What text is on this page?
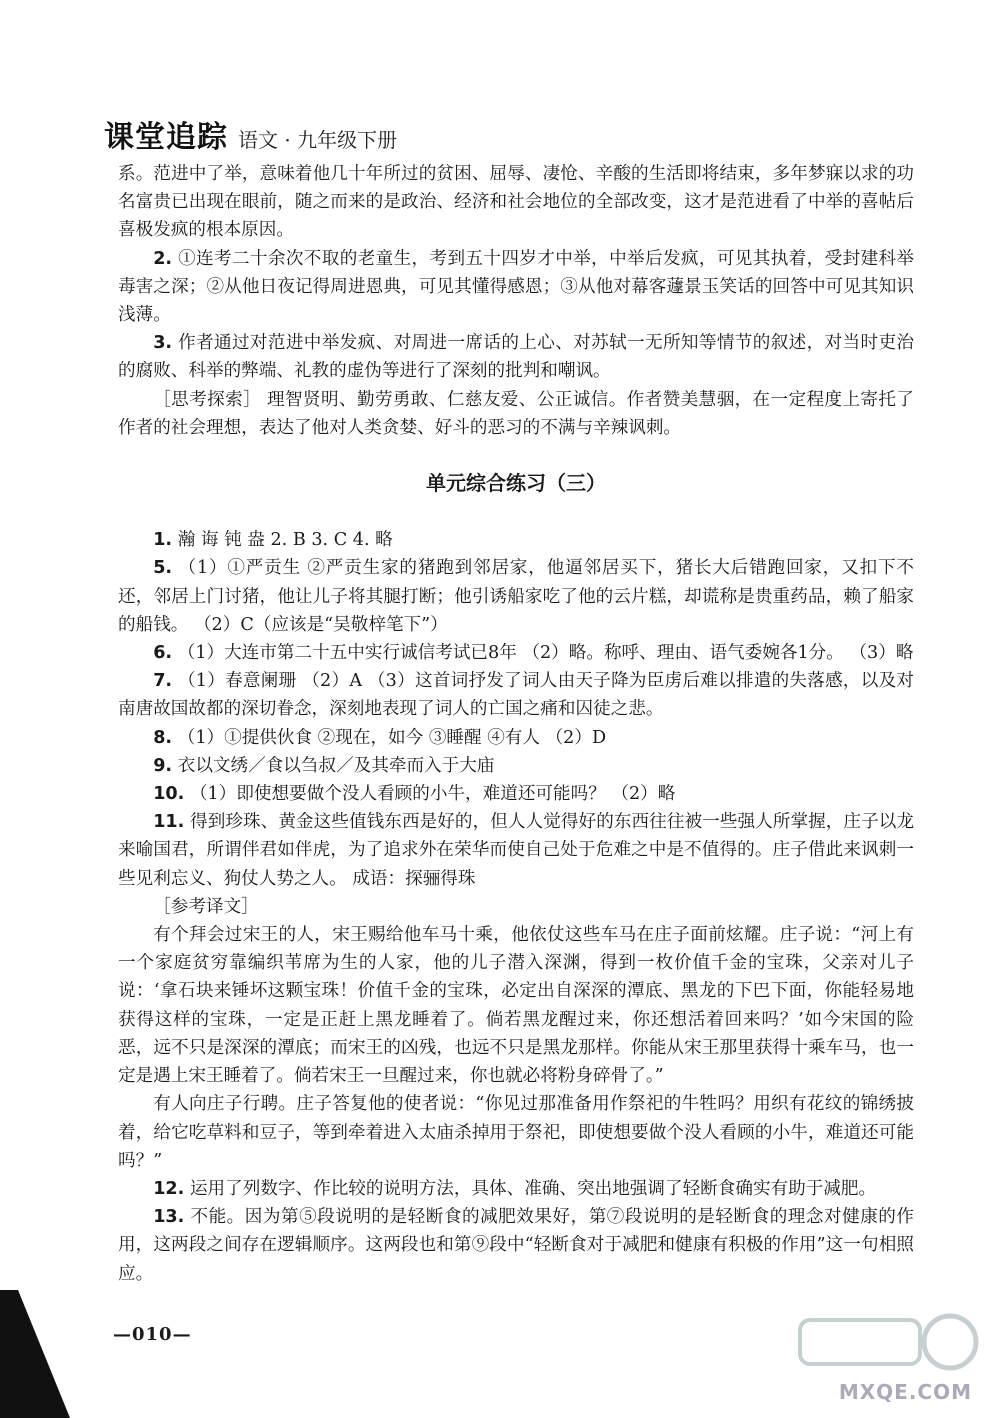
课堂追踪 语文 · 九年级下册

系。范进中了举，意味着他几十年所过的贫困、屈辱、凄怆、辛酸的生活即将结束，多年梦寐以求的功名富贵已出现在眼前，随之而来的是政治、经济和社会地位的全部改变，这才是范进看了中举的喜帖后喜极发疯的根本原因。

2. ①连考二十余次不取的老童生，考到五十四岁才中举，中举后发疯，可见其执着，受封建科举毒害之深；②从他日夜记得周进恩典，可见其懂得感恩；③从他对幕客蘧景玉笑话的回答中可见其知识浅薄。

3. 作者通过对范进中举发疯、对周进一席话的上心、对苏轼一无所知等情节的叙述，对当时吏治的腐败、科举的弊端、礼教的虚伪等进行了深刻的批判和嘲讽。

［思考探索］ 理智贤明、勤劳勇敢、仁慈友爱、公正诚信。作者赞美慧骃，在一定程度上寄托了作者的社会理想，表达了他对人类贪婪、好斗的恶习的不满与辛辣讽刺。

单元综合练习（三）

1. 瀚 诲 钝 盎 2. B 3. C 4. 略

5. （1）①严贡生 ②严贡生家的猪跑到邻居家，他逼邻居买下，猪长大后错跑回家，又扣下不还，邻居上门讨猪，他让儿子将其腿打断；他引诱船家吃了他的云片糕，却谎称是贵重药品，赖了船家的船钱。 （2）C（应该是“吴敬梓笔下”）

6. （1）大连市第二十五中实行诚信考试已8年 （2）略。称呼、理由、语气委婉各1分。 （3）略

7. （1）春意阑珊 （2）A （3）这首词抒发了词人由天子降为臣虏后难以排遣的失落感，以及对南唐故国故都的深切眷念，深刻地表现了词人的亡国之痛和囚徒之悲。

8. （1）①提供伙食 ②现在，如今 ③睡醒 ④有人 （2）D

9. 衣以文绣／食以刍叔／及其牵而入于大庙

10. （1）即使想要做个没人看顾的小牛，难道还可能吗？ （2）略

11. 得到珍珠、黄金这些值钱东西是好的，但人人觉得好的东西往往被一些强人所掌握，庄子以龙来喻国君，所谓伴君如伴虎，为了追求外在荣华而使自己处于危难之中是不值得的。庄子借此来讽刺一些见利忘义、狗仗人势之人。 成语：探骊得珠

［参考译文］

有个拜会过宋王的人，宋王赐给他车马十乘，他依仗这些车马在庄子面前炫耀。庄子说：“河上有一个家庭贫穷靠编织苇席为生的人家，他的儿子潜入深渊，得到一枚价值千金的宝珠，父亲对儿子说：‘拿石块来锤坏这颗宝珠！价值千金的宝珠，必定出自深深的潭底、黑龙的下巴下面，你能轻易地获得这样的宝珠，一定是正赶上黑龙睡着了。倘若黑龙醒过来，你还想活着回来吗？’如今宋国的险恶，远不只是深深的潭底；而宋王的凶残，也远不只是黑龙那样。你能从宋王那里获得十乘车马，也一定是遇上宋王睡着了。倘若宋王一旦醒过来，你也就必将粉身碎骨了。”

有人向庄子行聘。庄子答复他的使者说：“你见过那准备用作祭祀的牛牲吗？用织有花纹的锦绣披着，给它吃草料和豆子，等到牵着进入太庙杀掉用于祭祀，即使想要做个没人看顾的小牛，难道还可能吗？”

12. 运用了列数字、作比较的说明方法，具体、准确、突出地强调了轻断食确实有助于减肥。

13. 不能。因为第⑤段说明的是轻断食的减肥效果好，第⑦段说明的是轻断食的理念对健康的作用，这两段之间存在逻辑顺序。这两段也和第⑨段中“轻断食对于减肥和健康有积极的作用”这一句相照应。

—010—
MXQE.COM
